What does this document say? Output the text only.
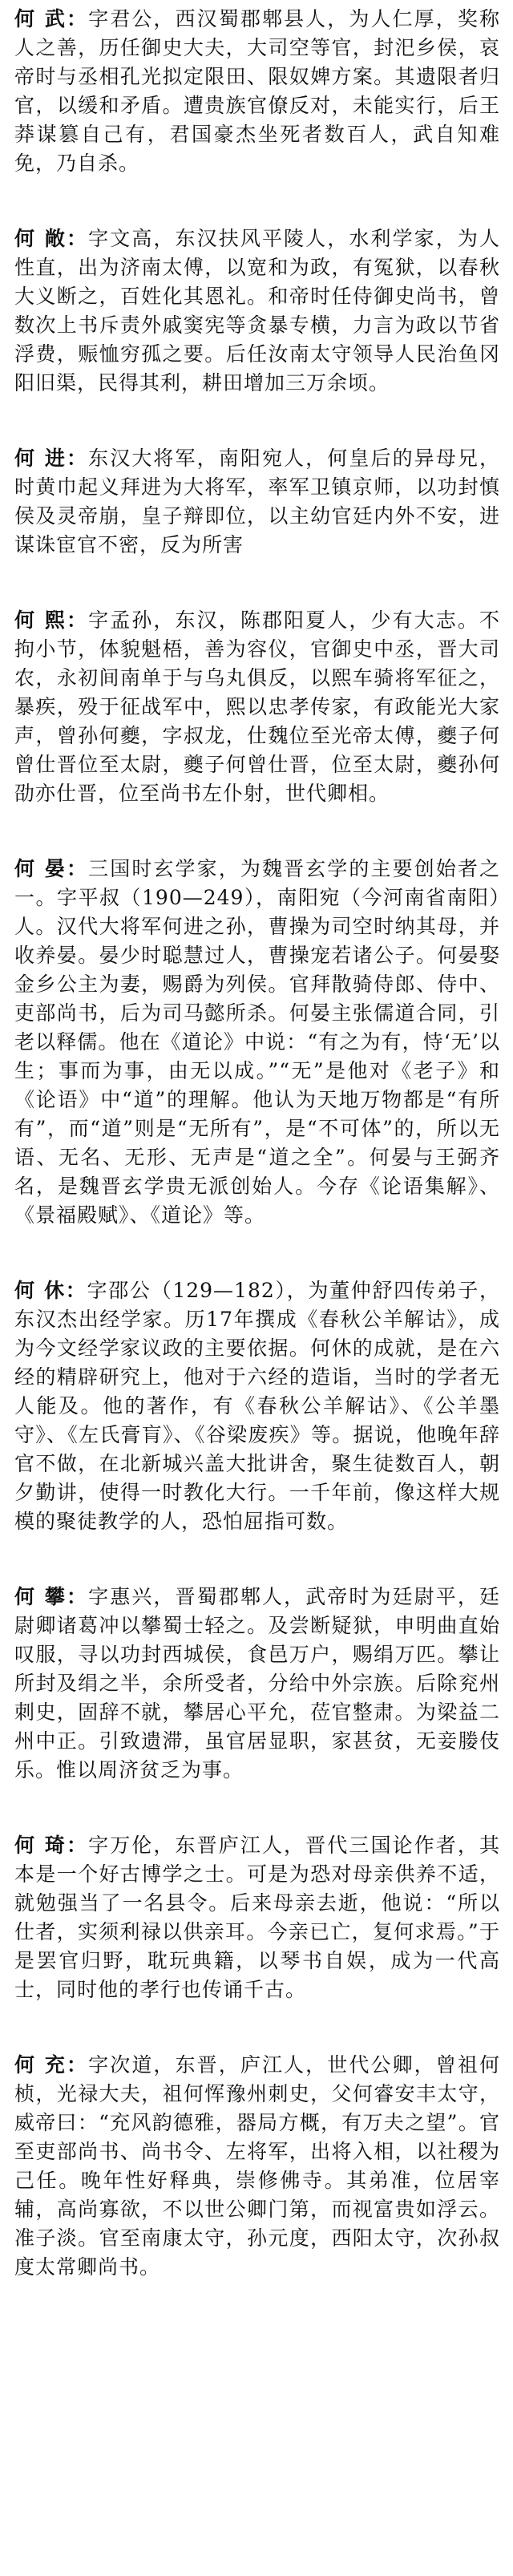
何 武：字君公，西汉蜀郡郫县人，为人仁厚，奖称人之善，历任御史大夫，大司空等官，封汜乡侯，哀帝时与丞相孔光拟定限田、限奴婢方案。其遗限者归官，以缓和矛盾。遭贵族官僚反对，未能实行，后王莽谋篡自己有，君国豪杰坐死者数百人，武自知难免，乃自杀。

何 敞：字文高，东汉扶风平陵人，水利学家，为人性直，出为济南太傅，以宽和为政，有冤狱，以春秋大义断之，百姓化其恩礼。和帝时任侍御史尚书，曾数次上书斥责外戚窦宪等贪暴专横，力言为政以节省浮费，赈恤穷孤之要。后任汝南太守领导人民治鱼冈 阳旧渠，民得其利，耕田增加三万余顷。

何 进：东汉大将军，南阳宛人，何皇后的异母兄，时黄巾起义拜进为大将军，率军卫镇京师，以功封慎侯及灵帝崩，皇子辩即位，以主幼官廷内外不安，进谋诛宦官不密，反为所害

何 熙：字孟孙，东汉，陈郡阳夏人，少有大志。不拘小节，体貌魁梧，善为容仪，官御史中丞，晋大司农，永初间南单于与乌丸俱反，以熙车骑将军征之，暴疾，殁于征战军中，熙以忠孝传家，有政能光大家声，曾孙何夔，字叔龙，仕魏位至光帝太傅，夔子何曾仕晋位至太尉，夔子何曾仕晋，位至太尉，夔孙何劭亦仕晋，位至尚书左仆射，世代卿相。

何 晏：三国时玄学家，为魏晋玄学的主要创始者之一。字平叔（190—249），南阳宛（今河南省南阳）人。汉代大将军何进之孙，曹操为司空时纳其母，并收养晏。晏少时聪慧过人，曹操宠若诸公子。何晏娶金乡公主为妻，赐爵为列侯。官拜散骑侍郎、侍中、吏部尚书，后为司马懿所杀。何晏主张儒道合同，引老以释儒。他在《道论》中说：“有之为有，恃‘无’以生；事而为事，由无以成。”“无”是他对《老子》和《论语》中“道”的理解。他认为天地万物都是“有所有”，而“道”则是“无所有”，是“不可体”的，所以无语、无名、无形、无声是“道之全”。何晏与王弼齐名，是魏晋玄学贵无派创始人。今存《论语集解》、《景福殿赋》、《道论》等。

何 休：字邵公（129—182），为董仲舒四传弟子，东汉杰出经学家。历17年撰成《春秋公羊解诂》，成为今文经学家议政的主要依据。何休的成就，是在六经的精辟研究上，他对于六经的造诣，当时的学者无人能及。他的著作，有《春秋公羊解诂》、《公羊墨守》、《左氏膏肓》、《谷梁废疾》等。据说，他晚年辞官不做，在北新城兴盖大批讲舍，聚生徒数百人，朝夕勤讲，使得一时教化大行。一千年前，像这样大规模的聚徒教学的人，恐怕屈指可数。

何 攀：字惠兴，晋蜀郡郫人，武帝时为廷尉平，廷尉卿诸葛冲以攀蜀士轻之。及尝断疑狱，申明曲直始叹服，寻以功封西城侯，食邑万户，赐绢万匹。攀让所封及绢之半，余所受者，分给中外宗族。后除兖州刺史，固辞不就，攀居心平允，莅官整肃。为梁益二州中正。引致遗滞，虽官居显职，家甚贫，无妾媵伎乐。惟以周济贫乏为事。

何 琦：字万伦，东晋庐江人，晋代三国论作者，其本是一个好古博学之士。可是为恐对母亲供养不适，就勉强当了一名县令。后来母亲去逝，他说：“所以仕者，实须利禄以供亲耳。今亲已亡，复何求焉。”于是罢官归野，耽玩典籍，以琴书自娱，成为一代高士，同时他的孝行也传诵千古。

何 充：字次道，东晋，庐江人，世代公卿，曾祖何桢，光禄大夫，祖何恽豫州刺史，父何睿安丰太守，威帝曰：“充风韵德雅，器局方概，有万夫之望”。官至吏部尚书、尚书令、左将军，出将入相，以社稷为己任。晚年性好释典，崇修佛寺。其弟准，位居宰辅，高尚寡欲，不以世公卿门第，而视富贵如浮云。准子淡。官至南康太守，孙元度，西阳太守，次孙叔度太常卿尚书。
